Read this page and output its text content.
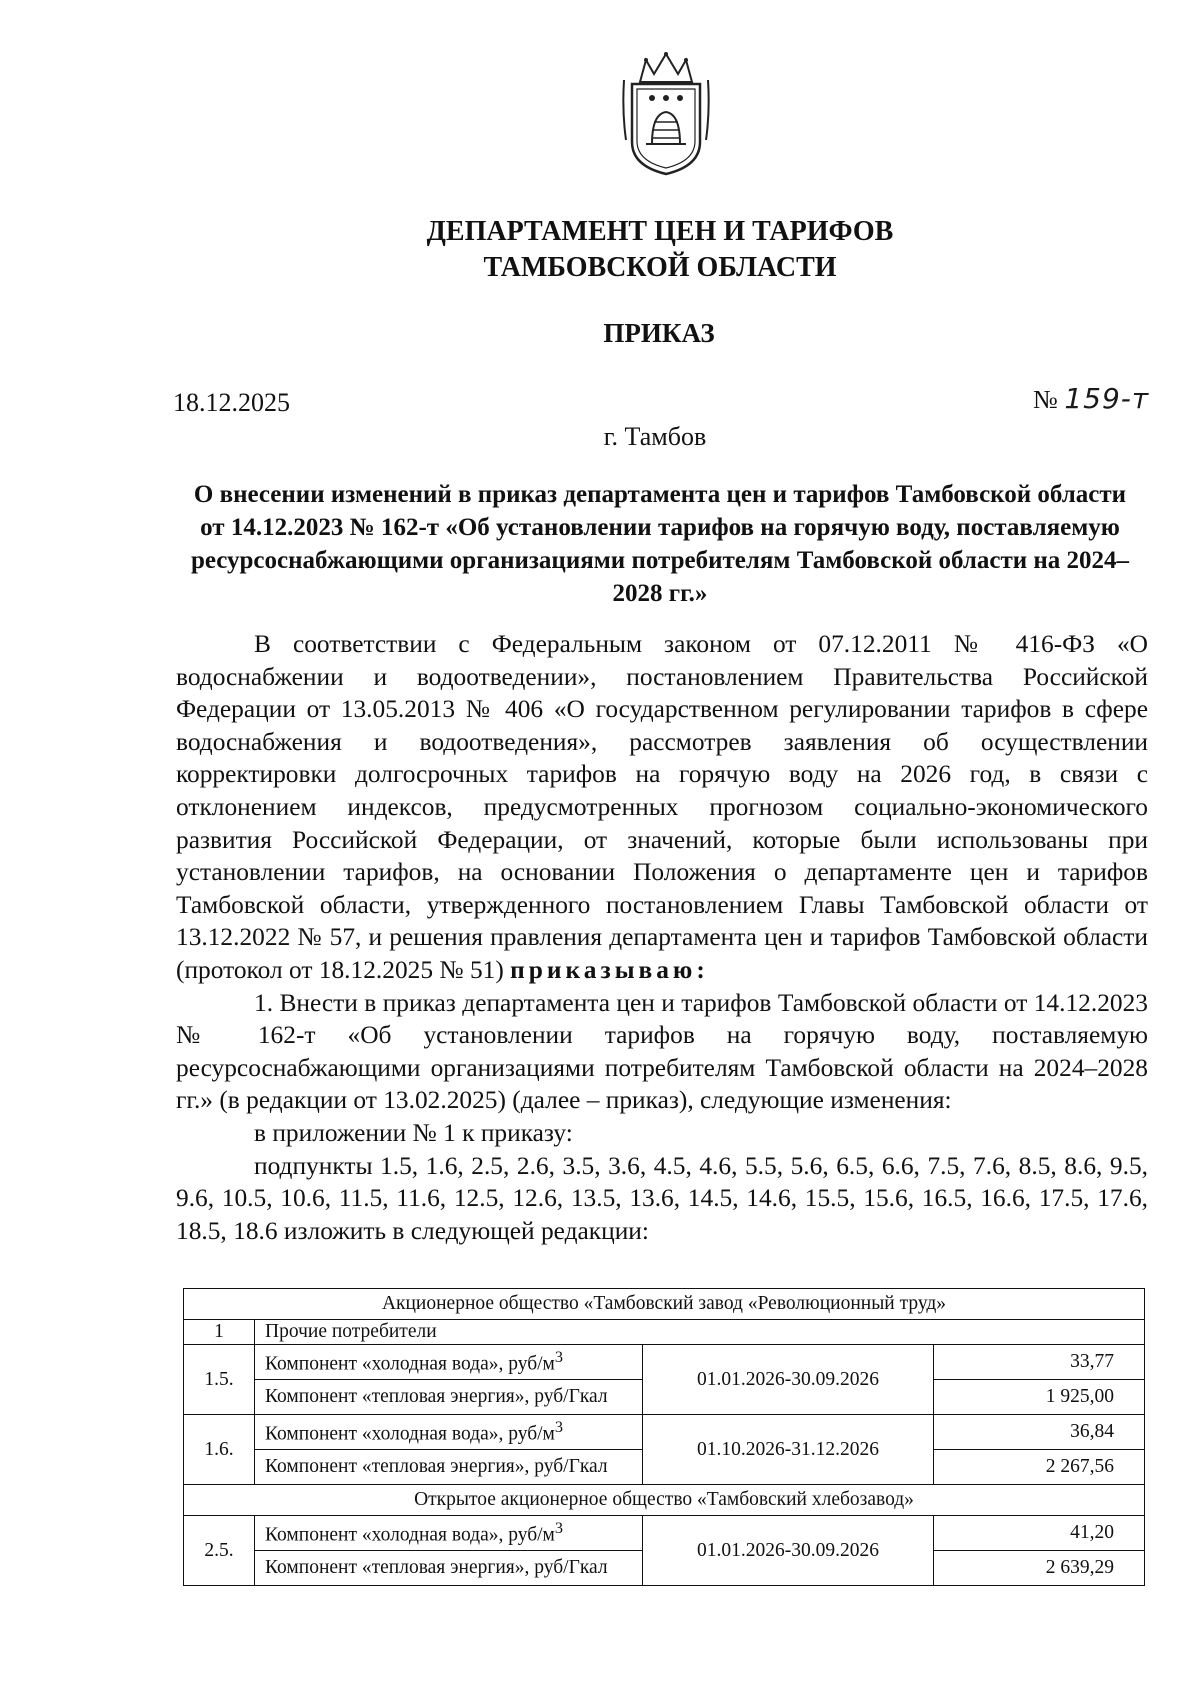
ДЕПАРТАМЕНТ ЦЕН И ТАРИФОВ
ТАМБОВСКОЙ ОБЛАСТИ
ПРИКАЗ
18.12.2025	№ 159-т
г. Тамбов
О внесении изменений в приказ департамента цен и тарифов Тамбовской области от 14.12.2023 № 162-т «Об установлении тарифов на горячую воду, поставляемую ресурсоснабжающими организациями потребителям Тамбовской области на 2024–2028 гг.»

В соответствии с Федеральным законом от 07.12.2011 № 416-ФЗ «О водоснабжении и водоотведении», постановлением Правительства Российской Федерации от 13.05.2013 № 406 «О государственном регулировании тарифов в сфере водоснабжения и водоотведения», рассмотрев заявления об осуществлении корректировки долгосрочных тарифов на горячую воду на 2026 год, в связи с отклонением индексов, предусмотренных прогнозом социально-экономического развития Российской Федерации, от значений, которые были использованы при установлении тарифов, на основании Положения о департаменте цен и тарифов Тамбовской области, утвержденного постановлением Главы Тамбовской области от 13.12.2022 № 57, и решения правления департамента цен и тарифов Тамбовской области (протокол от 18.12.2025 № 51) приказываю:

1. Внести в приказ департамента цен и тарифов Тамбовской области от 14.12.2023 № 162-т «Об установлении тарифов на горячую воду, поставляемую ресурсоснабжающими организациями потребителям Тамбовской области на 2024–2028 гг.» (в редакции от 13.02.2025) (далее – приказ), следующие изменения:

в приложении № 1 к приказу:

подпункты 1.5, 1.6, 2.5, 2.6, 3.5, 3.6, 4.5, 4.6, 5.5, 5.6, 6.5, 6.6, 7.5, 7.6, 8.5, 8.6, 9.5, 9.6, 10.5, 10.6, 11.5, 11.6, 12.5, 12.6, 13.5, 13.6, 14.5, 14.6, 15.5, 15.6, 16.5, 16.6, 17.5, 17.6, 18.5, 18.6 изложить в следующей редакции:

Акционерное общество «Тамбовский завод «Революционный труд»			
1	Прочие потребители		
1.5.	Компонент «холодная вода», руб/$м^3$	01.01.2026-30.09.2026	33,77
	Компонент «тепловая энергия», руб/Гкал		1 925,00
1.6.	Компонент «холодная вода», руб/$м^3$	01.10.2026-31.12.2026	36,84
	Компонент «тепловая энергия», руб/Гкал		2 267,56
Открытое акционерное общество «Тамбовский хлебозавод»			
2.5.	Компонент «холодная вода», руб/$м^3$	01.01.2026-30.09.2026	41,20
	Компонент «тепловая энергия», руб/Гкал		2 639,29
